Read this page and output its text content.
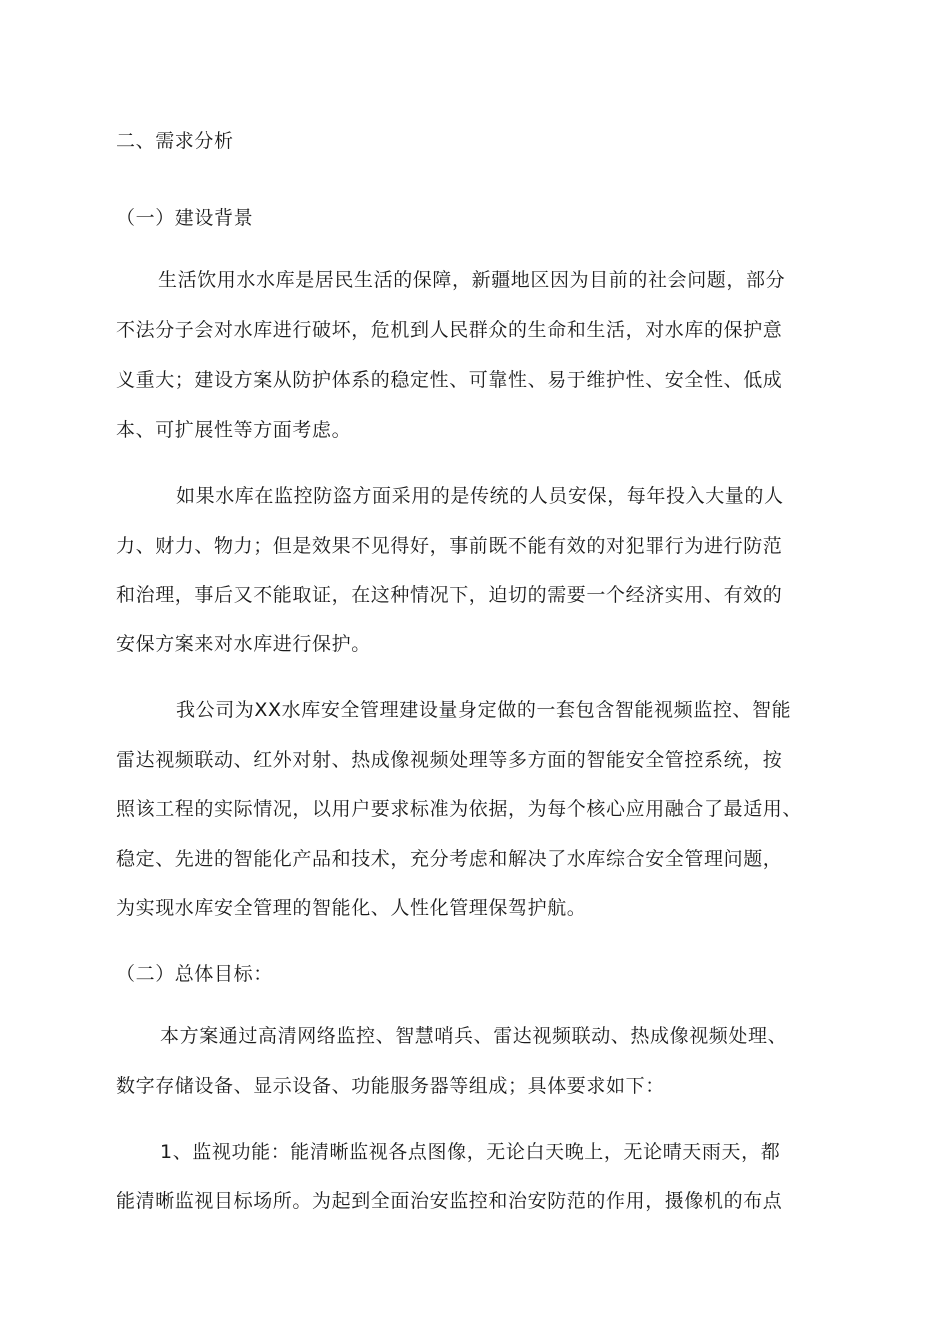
二、需求分析
（一）建设背景
生活饮用水水库是居民生活的保障，新疆地区因为目前的社会问题，部分
不法分子会对水库进行破坏，危机到人民群众的生命和生活，对水库的保护意
义重大；建设方案从防护体系的稳定性、可靠性、易于维护性、安全性、低成
本、可扩展性等方面考虑。
如果水库在监控防盗方面采用的是传统的人员安保，每年投入大量的人
力、财力、物力；但是效果不见得好，事前既不能有效的对犯罪行为进行防范
和治理，事后又不能取证，在这种情况下，迫切的需要一个经济实用、有效的
安保方案来对水库进行保护。
我公司为XX水库安全管理建设量身定做的一套包含智能视频监控、智能
雷达视频联动、红外对射、热成像视频处理等多方面的智能安全管控系统，按
照该工程的实际情况，以用户要求标准为依据，为每个核心应用融合了最适用、
稳定、先进的智能化产品和技术，充分考虑和解决了水库综合安全管理问题，
为实现水库安全管理的智能化、人性化管理保驾护航。
（二）总体目标：
本方案通过高清网络监控、智慧哨兵、雷达视频联动、热成像视频处理、
数字存储设备、显示设备、功能服务器等组成；具体要求如下：
1、监视功能：能清晰监视各点图像，无论白天晚上，无论晴天雨天，都
能清晰监视目标场所。为起到全面治安监控和治安防范的作用，摄像机的布点
